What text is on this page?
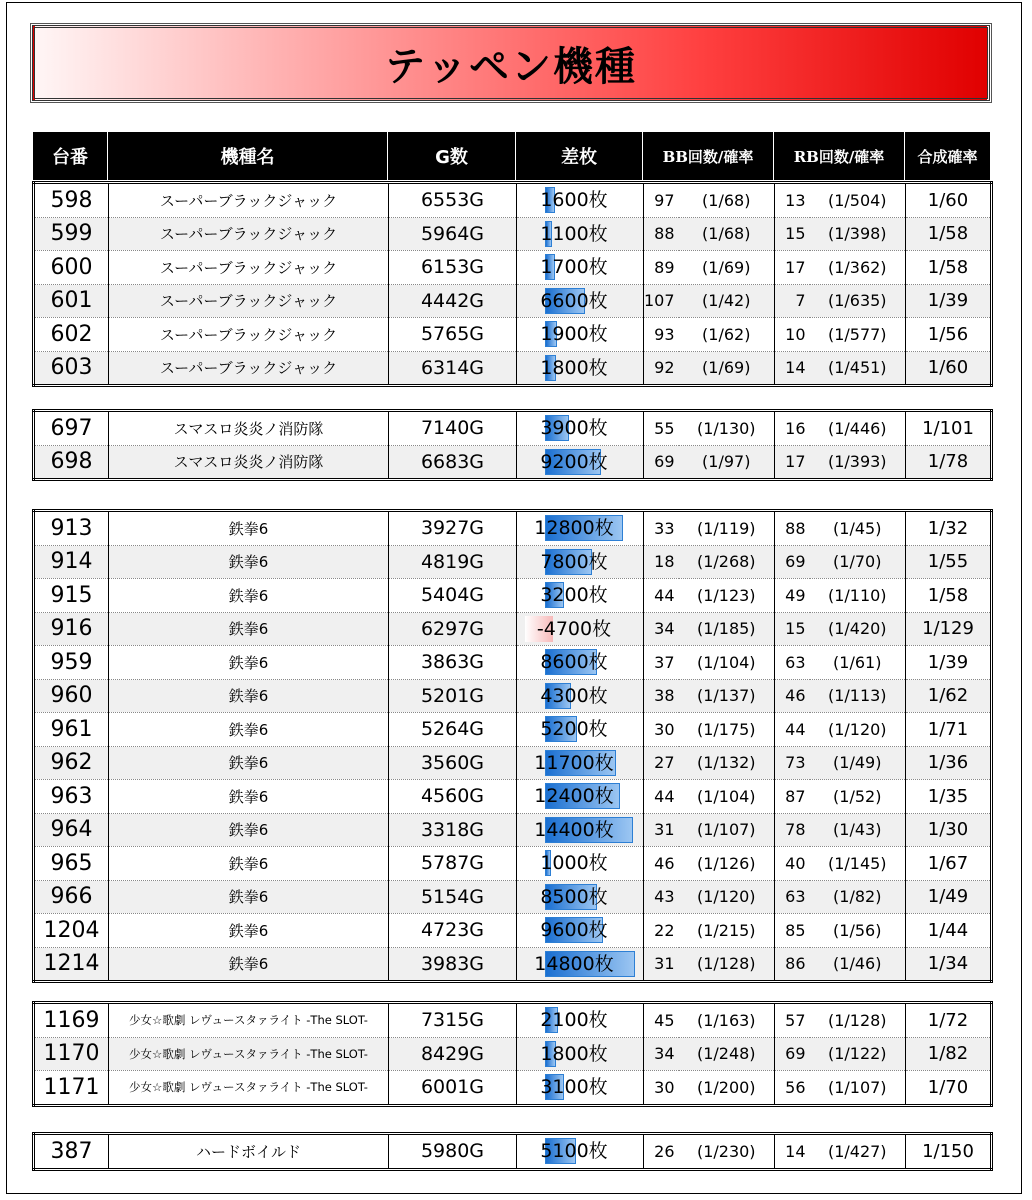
テッペン機種
台番	機種名	G数	差枚	BB回数/確率	RB回数/確率	合成確率
598	スーパーブラックジャック	6553G	1600枚	97	(1/68)	13	(1/504)	1/60
599	スーパーブラックジャック	5964G	1100枚	88	(1/68)	15	(1/398)	1/58
600	スーパーブラックジャック	6153G	1700枚	89	(1/69)	17	(1/362)	1/58
601	スーパーブラックジャック	4442G	6600枚	107	(1/42)	7	(1/635)	1/39
602	スーパーブラックジャック	5765G	1900枚	93	(1/62)	10	(1/577)	1/56
603	スーパーブラックジャック	6314G	1800枚	92	(1/69)	14	(1/451)	1/60
697	スマスロ炎炎ノ消防隊	7140G	3900枚	55	(1/130)	16	(1/446)	1/101
698	スマスロ炎炎ノ消防隊	6683G	9200枚	69	(1/97)	17	(1/393)	1/78
913	鉄拳6	3927G	12800枚	33	(1/119)	88	(1/45)	1/32
914	鉄拳6	4819G	7800枚	18	(1/268)	69	(1/70)	1/55
915	鉄拳6	5404G	3200枚	44	(1/123)	49	(1/110)	1/58
916	鉄拳6	6297G	-4700枚	34	(1/185)	15	(1/420)	1/129
959	鉄拳6	3863G	8600枚	37	(1/104)	63	(1/61)	1/39
960	鉄拳6	5201G	4300枚	38	(1/137)	46	(1/113)	1/62
961	鉄拳6	5264G	5200枚	30	(1/175)	44	(1/120)	1/71
962	鉄拳6	3560G	11700枚	27	(1/132)	73	(1/49)	1/36
963	鉄拳6	4560G	12400枚	44	(1/104)	87	(1/52)	1/35
964	鉄拳6	3318G	14400枚	31	(1/107)	78	(1/43)	1/30
965	鉄拳6	5787G	1000枚	46	(1/126)	40	(1/145)	1/67
966	鉄拳6	5154G	8500枚	43	(1/120)	63	(1/82)	1/49
1204	鉄拳6	4723G	9600枚	22	(1/215)	85	(1/56)	1/44
1214	鉄拳6	3983G	14800枚	31	(1/128)	86	(1/46)	1/34
1169	少女☆歌劇 レヴュースタァライト -The SLOT-	7315G	2100枚	45	(1/163)	57	(1/128)	1/72
1170	少女☆歌劇 レヴュースタァライト -The SLOT-	8429G	1800枚	34	(1/248)	69	(1/122)	1/82
1171	少女☆歌劇 レヴュースタァライト -The SLOT-	6001G	3100枚	30	(1/200)	56	(1/107)	1/70
387	ハードボイルド	5980G	5100枚	26	(1/230)	14	(1/427)	1/150
